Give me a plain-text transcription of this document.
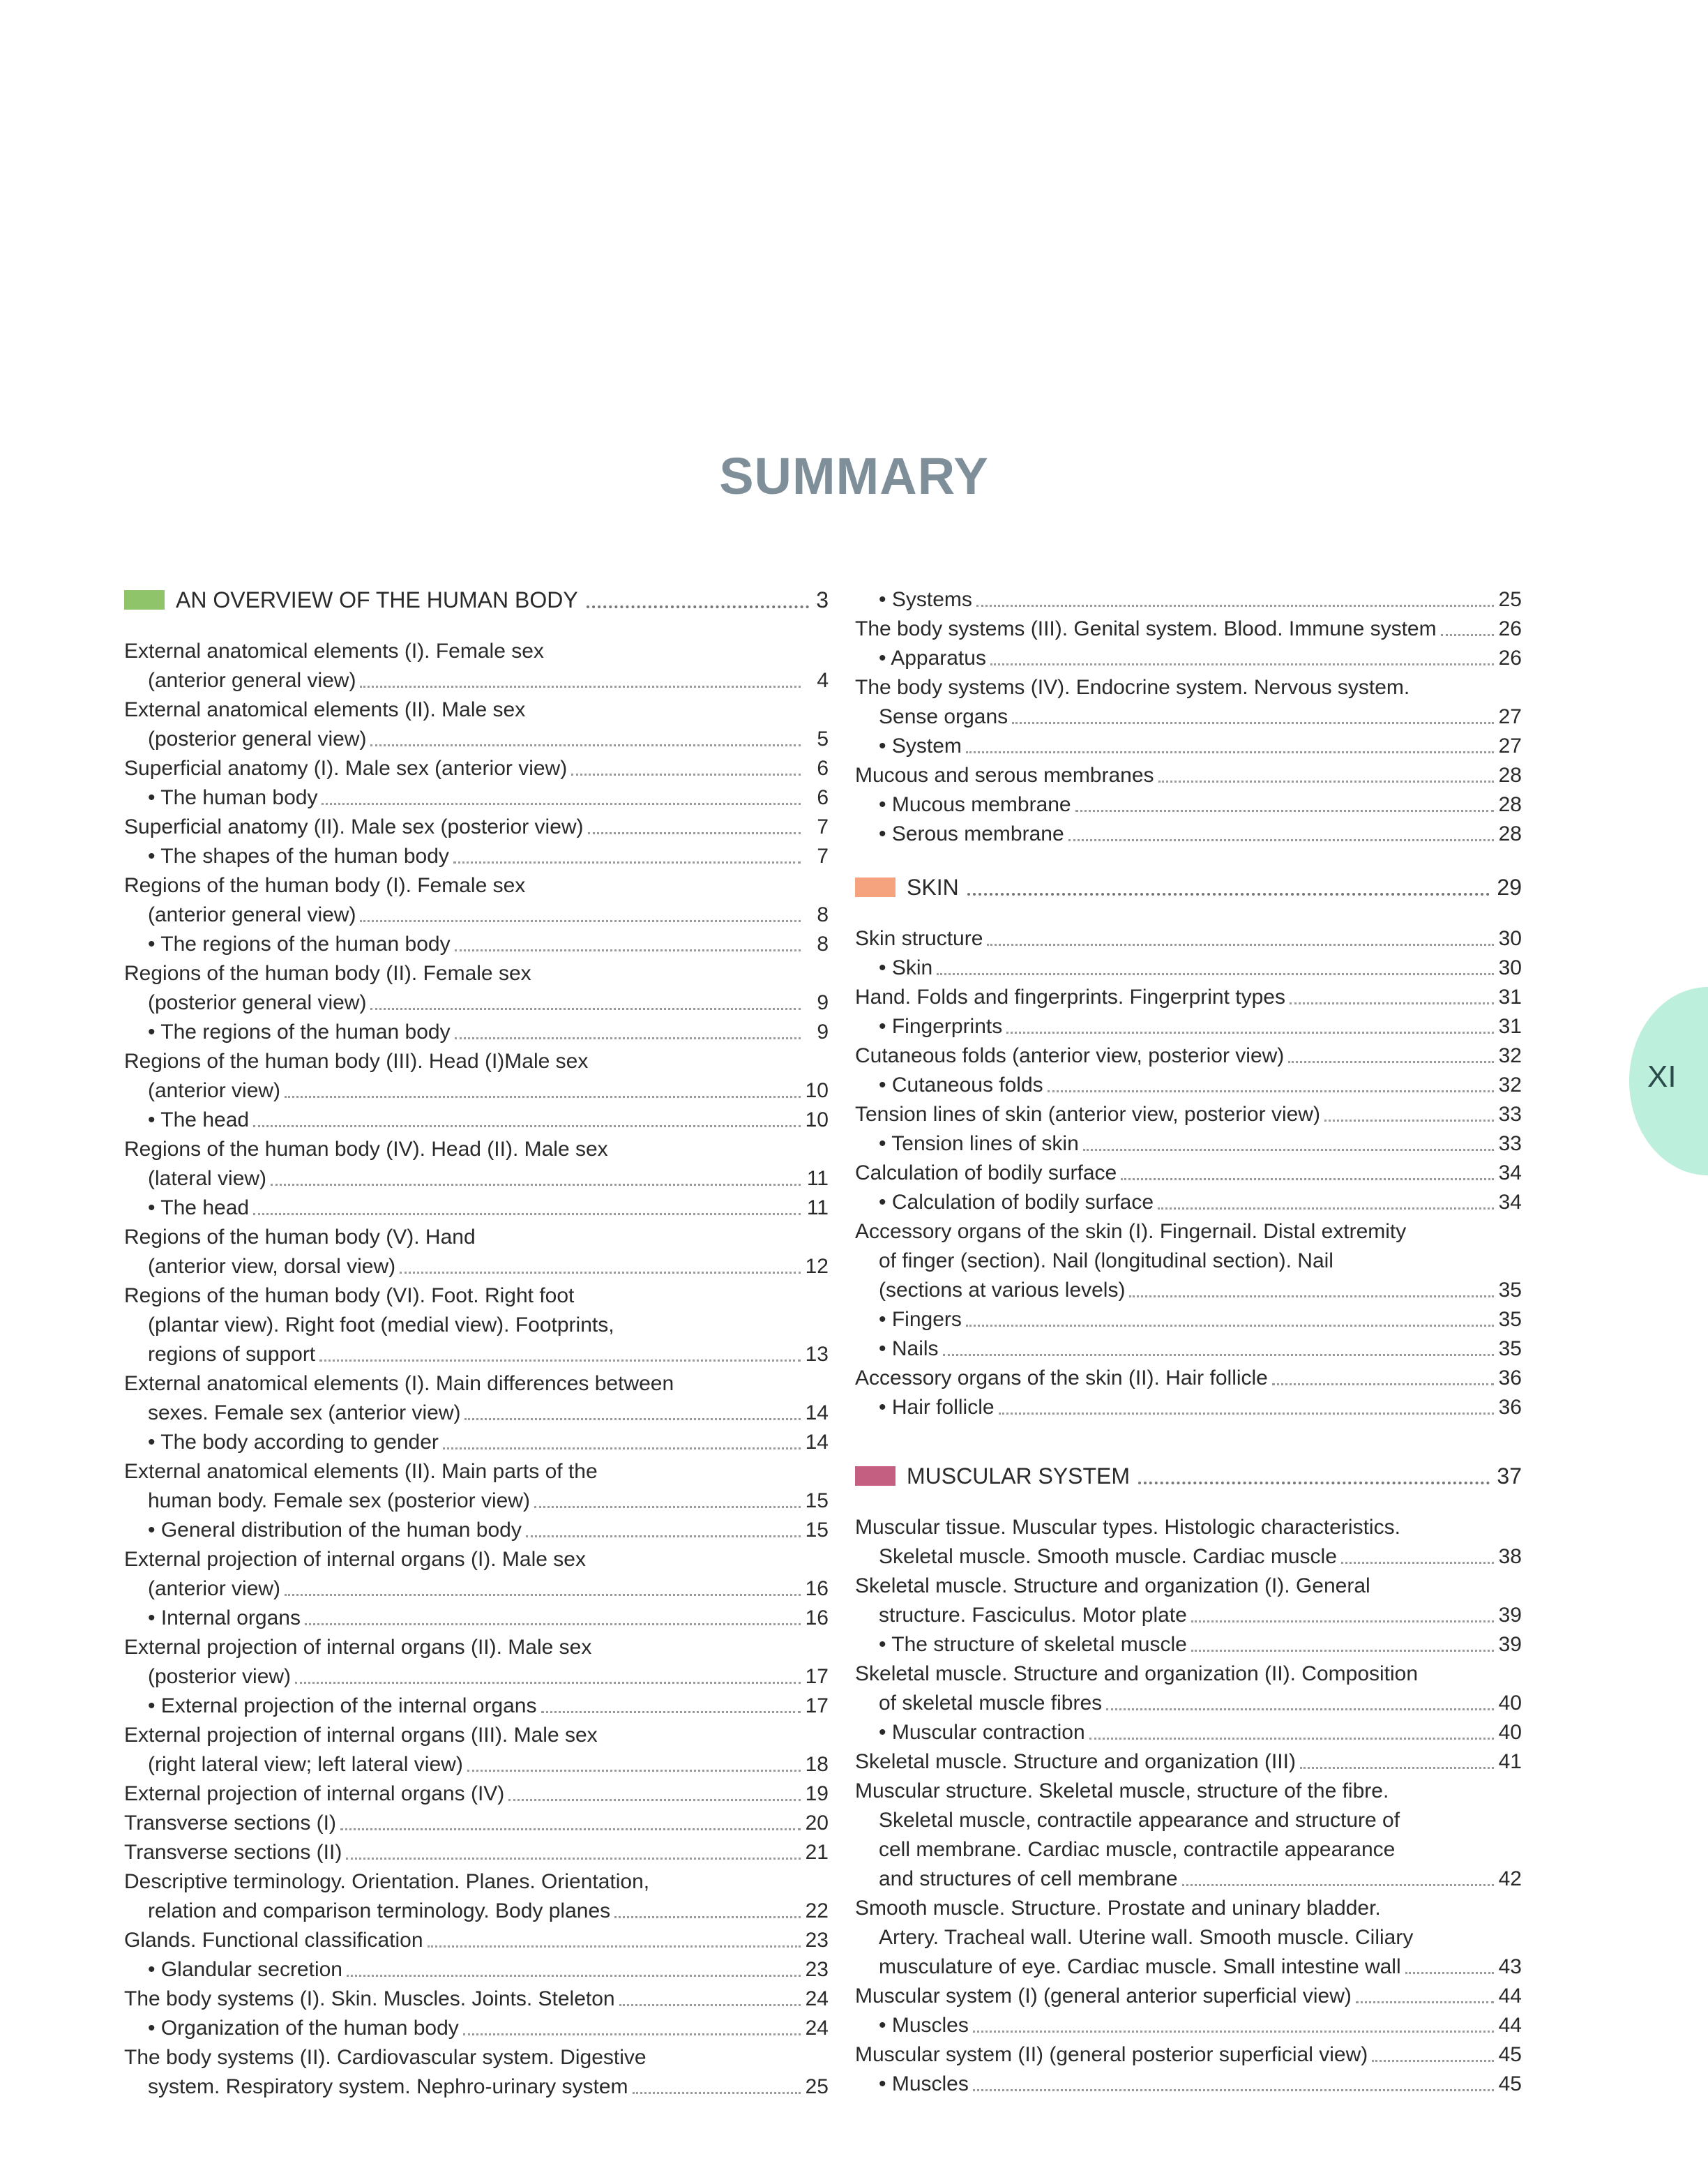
SUMMARY
AN OVERVIEW OF THE HUMAN BODY	3
External anatomical elements (I). Female sex
(anterior general view)	4
External anatomical elements (II). Male sex
(posterior general view)	5
Superficial anatomy (I). Male sex (anterior view)	6
• The human body	6
Superficial anatomy (II). Male sex (posterior view)	7
• The shapes of the human body	7
Regions of the human body (I). Female sex
(anterior general view)	8
• The regions of the human body	8
Regions of the human body (II). Female sex
(posterior general view)	9
• The regions of the human body	9
Regions of the human body (III). Head (I)Male sex
(anterior view)	10
• The head	10
Regions of the human body (IV). Head (II). Male sex
(lateral view)	11
• The head	11
Regions of the human body (V). Hand
(anterior view, dorsal view)	12
Regions of the human body (VI). Foot. Right foot
(plantar view). Right foot (medial view). Footprints,
regions of support	13
External anatomical elements (I). Main differences between
sexes. Female sex (anterior view)	14
• The body according to gender	14
External anatomical elements (II). Main parts of the
human body. Female sex (posterior view)	15
• General distribution of the human body	15
External projection of internal organs (I). Male sex
(anterior view)	16
• Internal organs	16
External projection of internal organs (II). Male sex
(posterior view)	17
• External projection of the internal organs	17
External projection of internal organs (III). Male sex
(right lateral view; left lateral view)	18
External projection of internal organs (IV)	19
Transverse sections (I)	20
Transverse sections (II)	21
Descriptive terminology. Orientation. Planes. Orientation,
relation and comparison terminology. Body planes	22
Glands. Functional classification	23
• Glandular secretion	23
The body systems (I). Skin. Muscles. Joints. Steleton	24
• Organization of the human body	24
The body systems (II). Cardiovascular system. Digestive
system. Respiratory system. Nephro-urinary system	25
• Systems	25
The body systems (III). Genital system. Blood. Immune system	26
• Apparatus	26
The body systems (IV). Endocrine system. Nervous system.
Sense organs	27
• System	27
Mucous and serous membranes	28
• Mucous membrane	28
• Serous membrane	28
SKIN	29
Skin structure	30
• Skin	30
Hand. Folds and fingerprints. Fingerprint types	31
• Fingerprints	31
Cutaneous folds (anterior view, posterior view)	32
• Cutaneous folds	32
Tension lines of skin (anterior view, posterior view)	33
• Tension lines of skin	33
Calculation of bodily surface	34
• Calculation of bodily surface	34
Accessory organs of the skin (I). Fingernail. Distal extremity
of finger (section). Nail (longitudinal section). Nail
(sections at various levels)	35
• Fingers	35
• Nails	35
Accessory organs of the skin (II). Hair follicle	36
• Hair follicle	36
MUSCULAR SYSTEM	37
Muscular tissue. Muscular types. Histologic characteristics.
Skeletal muscle. Smooth muscle. Cardiac muscle	38
Skeletal muscle. Structure and organization (I). General
structure. Fasciculus. Motor plate	39
• The structure of skeletal muscle	39
Skeletal muscle. Structure and organization (II). Composition
of skeletal muscle fibres	40
• Muscular contraction	40
Skeletal muscle. Structure and organization (III)	41
Muscular structure. Skeletal muscle, structure of the fibre.
Skeletal muscle, contractile appearance and structure of
cell membrane. Cardiac muscle, contractile appearance
and structures of cell membrane	42
Smooth muscle. Structure. Prostate and uninary bladder.
Artery. Tracheal wall. Uterine wall. Smooth muscle. Ciliary
musculature of eye. Cardiac muscle. Small intestine wall	43
Muscular system (I) (general anterior superficial view)	44
• Muscles	44
Muscular system (II) (general posterior superficial view)	45
• Muscles	45
XI
